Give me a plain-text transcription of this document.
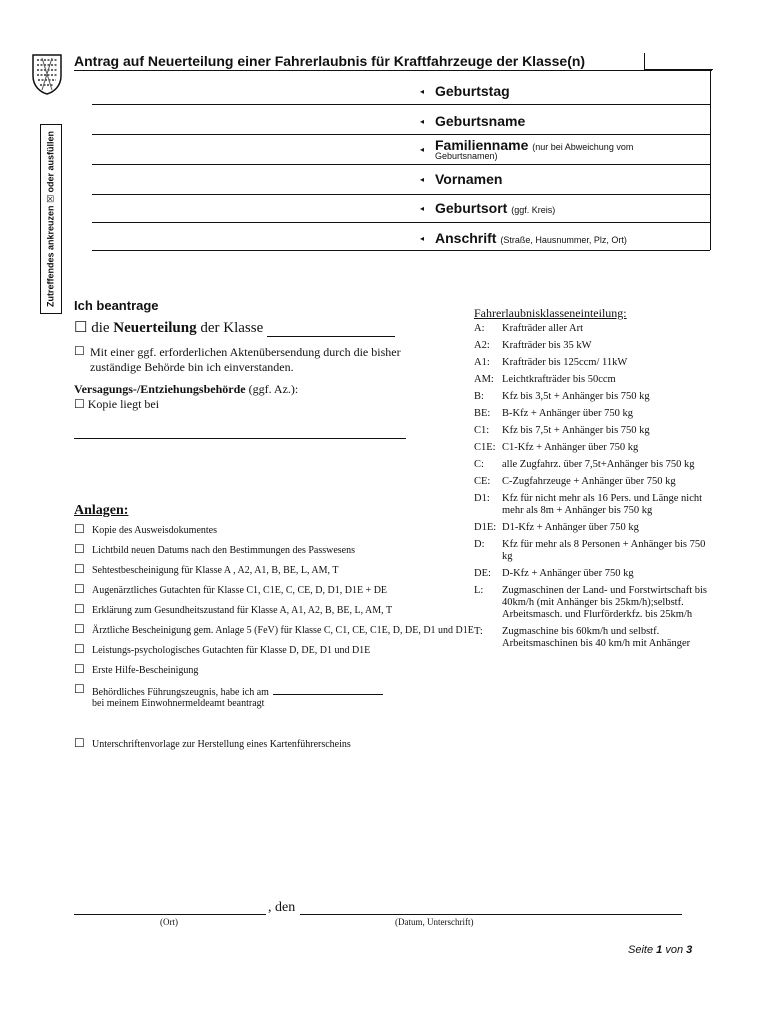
Antrag auf Neuerteilung einer Fahrerlaubnis für Kraftfahrzeuge der Klasse(n)
Zutreffendes ankreuzen ☒ oder ausfüllen
◂ Geburtstag
◂ Geburtsname
◂ Familienname (nur bei Abweichung vom
Geburtsnamen)
◂ Vornamen
◂ Geburtsort (ggf. Kreis)
◂ Anschrift (Straße, Hausnummer, Plz, Ort)
Ich beantrage
☐ die Neuerteilung der Klasse
☐ Mit einer ggf. erforderlichen Aktenübersendung durch die bisher zuständige Behörde bin ich einverstanden.
Versagungs-/Entziehungsbehörde (ggf. Az.):
☐ Kopie liegt bei
Anlagen:
☐ Kopie des Ausweisdokumentes
☐ Lichtbild neuen Datums nach den Bestimmungen des Passwesens
☐ Sehtestbescheinigung für Klasse A , A2, A1, B, BE, L, AM, T
☐ Augenärztliches Gutachten für Klasse C1, C1E, C, CE, D, D1, D1E + DE
☐ Erklärung zum Gesundheitszustand für Klasse A, A1, A2, B, BE, L, AM, T
☐ Ärztliche Bescheinigung gem. Anlage 5 (FeV) für Klasse C, C1, CE, C1E, D, DE, D1 und D1E
☐ Leistungs-psychologisches Gutachten für Klasse D, DE, D1 und D1E
☐ Erste Hilfe-Bescheinigung
☐ Behördliches Führungszeugnis, habe ich am
bei meinem Einwohnermeldeamt beantragt
☐ Unterschriftenvorlage zur Herstellung eines Kartenführerscheins
Fahrerlaubnisklasseneinteilung:
A:	Krafträder aller Art
A2:	Krafträder bis 35 kW
A1:	Krafträder bis 125ccm/ 11kW
AM:	Leichtkrafträder bis 50ccm
B:	Kfz bis 3,5t + Anhänger bis 750 kg
BE:	B-Kfz + Anhänger über 750 kg
C1:	Kfz bis 7,5t + Anhänger bis 750 kg
C1E:	C1-Kfz + Anhänger über 750 kg
C:	alle Zugfahrz. über 7,5t+Anhänger bis 750 kg
CE:	C-Zugfahrzeuge + Anhänger über 750 kg
D1:	Kfz für nicht mehr als 16 Pers. und Länge nicht mehr als 8m + Anhänger bis 750 kg
D1E:	D1-Kfz + Anhänger über 750 kg
D:	Kfz für mehr als 8 Personen + Anhänger bis 750 kg
DE:	D-Kfz + Anhänger über 750 kg
L:	Zugmaschinen der Land- und Forstwirtschaft bis 40km/h (mit Anhänger bis 25km/h);selbstf. Arbeitsmasch. und Flurförderkfz. bis 25km/h
T:	Zugmaschine bis 60km/h und selbstf. Arbeitsmaschinen bis 40 km/h mit Anhänger
, den
(Ort)	(Datum, Unterschrift)
Seite 1 von 3
